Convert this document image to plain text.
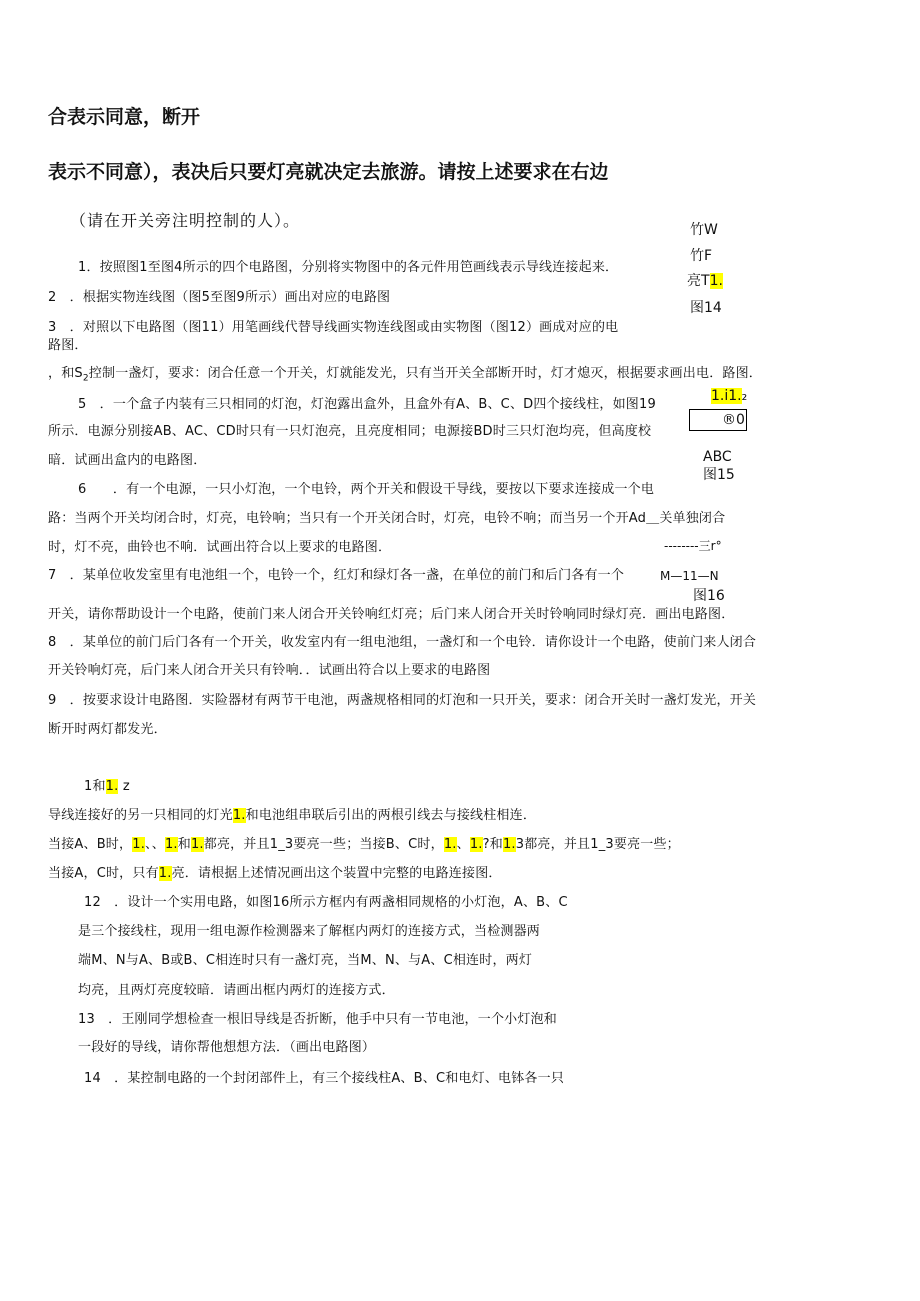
合表示同意，断开
表示不同意），表决后只要灯亮就决定去旅游。请按上述要求在右边
（请在开关旁注明控制的人）。	竹W
竹F
亮T1.
图14
1.i1.₂
®0
ABC
图15
--------三r°
M—11—N
图16
1．按照图1至图4所示的四个电路图，分别将实物图中的各元件用笆画线表示导线连接起来．
2　．根据实物连线图（图5至图9所示）画出对应的电路图
3　．对照以下电路图（图11）用笔画线代替导线画实物连线图或由实物图（图12）画成对应的电
路图．
，和$S_2$控制一盏灯，要求：闭合任意一个开关，灯就能发光，只有当开关全部断开时，灯才熄灭，根据要求画出电．路图．
5　．一个盒子内装有三只相同的灯泡，灯泡露出盒外，且盒外有A、B、C、D四个接线柱，如图19
所示．电源分别接AB、AC、CD时只有一只灯泡亮，且亮度相同；电源接BD时三只灯泡均亮，但高度校
暗．试画出盒内的电路图．
6　　．有一个电源，一只小灯泡，一个电铃，两个开关和假设干导线，要按以下要求连接成一个电
路：当两个开关均闭合时，灯亮，电铃响；当只有一个开关闭合时，灯亮，电铃不响；而当另一个开Ad＿关单独闭合
时，灯不亮，曲铃也不响．试画出符合以上要求的电路图．
7　．某单位收发室里有电池组一个，电铃一个，红灯和绿灯各一盏，在单位的前门和后门各有一个
开关，请你帮助设计一个电路，使前门来人闭合开关铃响红灯亮；后门来人闭合开关时铃响同时绿灯亮．画出电路图．
8　．某单位的前门后门各有一个开关，收发室内有一组电池组，一盏灯和一个电铃．请你设计一个电路，使前门来人闭合
开关铃响灯亮，后门来人闭合开关只有铃响．．试画出符合以上要求的电路图
9　．按要求设计电路图．实险器材有两节干电池，两盏规格相同的灯泡和一只开关，要求：闭合开关时一盏灯发光，开关
断开时两灯都发光．
1和1. z
导线连接好的另一只相同的灯光1.和电池组串联后引出的两根引线去与接线柱相连．
当接A、B时，1.、、1.和1.都亮，并且1_3要亮一些；当接B、C时，1.、1.?和1.3都亮，并且1_3要亮一些；
当接A，C时，只有1.亮．请根据上述情况画出这个装置中完整的电路连接图．
12　．设计一个实用电路，如图16所示方框内有两盏相同规格的小灯泡，A、B、C
是三个接线柱，现用一组电源作检测器来了解框内两灯的连接方式，当检测器两
端M、N与A、B或B、C相连时只有一盏灯亮，当M、N、与A、C相连时，两灯
均亮，且两灯亮度较暗．请画出框内两灯的连接方式．
13　．王刚同学想检查一根旧导线是否折断，他手中只有一节电池，一个小灯泡和
一段好的导线，请你帮他想想方法．（画出电路图）
14　．某控制电路的一个封闭部件上，有三个接线柱A、B、C和电灯、电钵各一只
